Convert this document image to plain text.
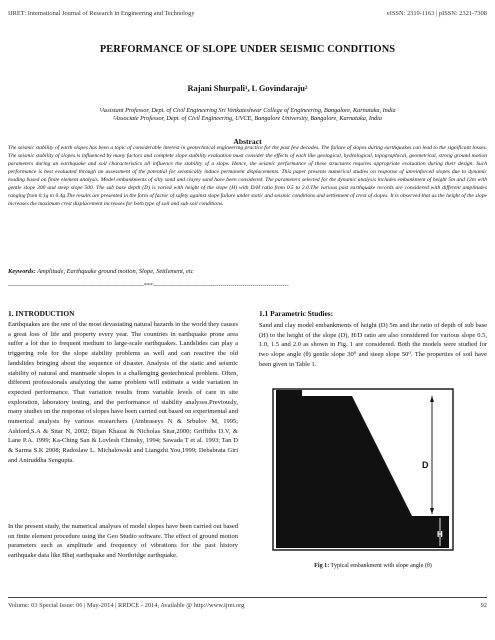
IJRET: International Journal of Research in Engineering and Technology	eISSN: 2319-1163 | pISSN: 2321-7308
PERFORMANCE OF SLOPE UNDER SEISMIC CONDITIONS
Rajani Shurpali¹, L Govindaraju²
¹Assistant Professor, Dept. of Civil Engineering Sri Venkateshwar College of Engineering, Bangalore, Karnataka, India
²Associate Professor, Dept. of Civil Engineering, UVCE, Bangalore University, Bangalore, Karnataka, India
Abstract
The seismic stability of earth slopes has been a topic of considerable interest in geotechnical engineering practice for the past few decades. The failure of slopes during earthquakes can lead to the significant losses. The seismic stability of slopes is influenced by many factors and complete slope stability evaluation must consider the effects of each like geological, hydrological, topographical, geometrical, strong ground motion parameters during an earthquake and soil characteristics all influence the stability of a slope. Hence, the seismic performance of these structures requires appropriate evaluation during their design. Such performance is best evaluated through an assessment of the potential for seismically induce permanent displacements. This paper presents numerical studies on response of unreinforced slopes due to dynamic loading based on finite element analysis. Model embankments of silty sand and clayey sand have been considered. The parameters selected for the dynamic analysis includes embankment of height 5m and 12m with gentle slope 300 and steep slope 500. The sub base depth (D) is varied with height of the slope (H) with D/H ratio from 0.5 to 2.0.The various past earthquake records are considered with different amplitudes ranging from 0.1g to 0.4g.The results are presented in the form of factor of safety against slope failure under static and seismic conditions and settlement of crest of slopes. It is observed that as the height of the slope increases the maximum crest displacement increases for both type of soil and sub soil conditions.
Keywords: Amplitude, Earthquake ground motion, Slope, Settlement, etc
--------------------------------------------------------------------***--------------------------------------------------------------------
1. INTRODUCTION
Earthquakes are the one of the most devastating natural hazards in the world they causes a great loss of life and property every year. The countries in earthquake prone area suffer a lot due to frequent medium to large-scale earthquakes. Landslides can play a triggering role for the slope stability problems as well and can reactive the old landslides bringing about the sequence of disaster. Analysis of the static and seismic stability of natural and manmade slopes is a challenging geotechnical problem. Often, different professionals analyzing the same problem will estimate a wide variation in expected performance. That variation results from variable levels of care in site exploration, laboratory testing, and the performance of stability analyses.Previously, many studies on the response of slopes have been carried out based on experimental and numerical analysis by various researchers (Ambraseys N & Srbulov M, 1995; Ashford,S.A & Sitar N, 2002; Bijan Khazai & Nicholas Sitar,2000; Griffiths D.V, & Lane P.A. 1999; Ka-Ching San & Lovlesh Chinsky, 1994; Sawada T et al. 1993; Tan D & Sarma S.K 2008; Radoslaw L. Michalowski and Liangzhi You,1999; Debabrata Giri and Aniruddha Sengupta.
In the present study, the numerical analyses of model slopes have been carried out based on finite element procedure using the Geo Studio software. The effect of ground motion parameters such as amplitude and frequency of vibrations for the past history earthquake data like Bhuj earthquake and Northridge earthquake.
1.1 Parametric Studies:
Sand and clay model embankments of height (D) 5m and the ratio of depth of sub base (H) to the height of the slope (D), H/D ratio are also considered for various slope 0.5, 1.0, 1.5 and 2.0 as shown in Fig. 1 are considered. Both the models were studied for two slope angle (θ) gentle slope 30⁰ and steep slope 50⁰. The properties of soil have been given in Table 1.
2m
D
θ
H
Fig 1: Typical embankment with slope angle (θ)
Volume: 03 Special Issue: 06 | May-2014 | RRDCE - 2014, Available @ http://www.ijret.org	92
